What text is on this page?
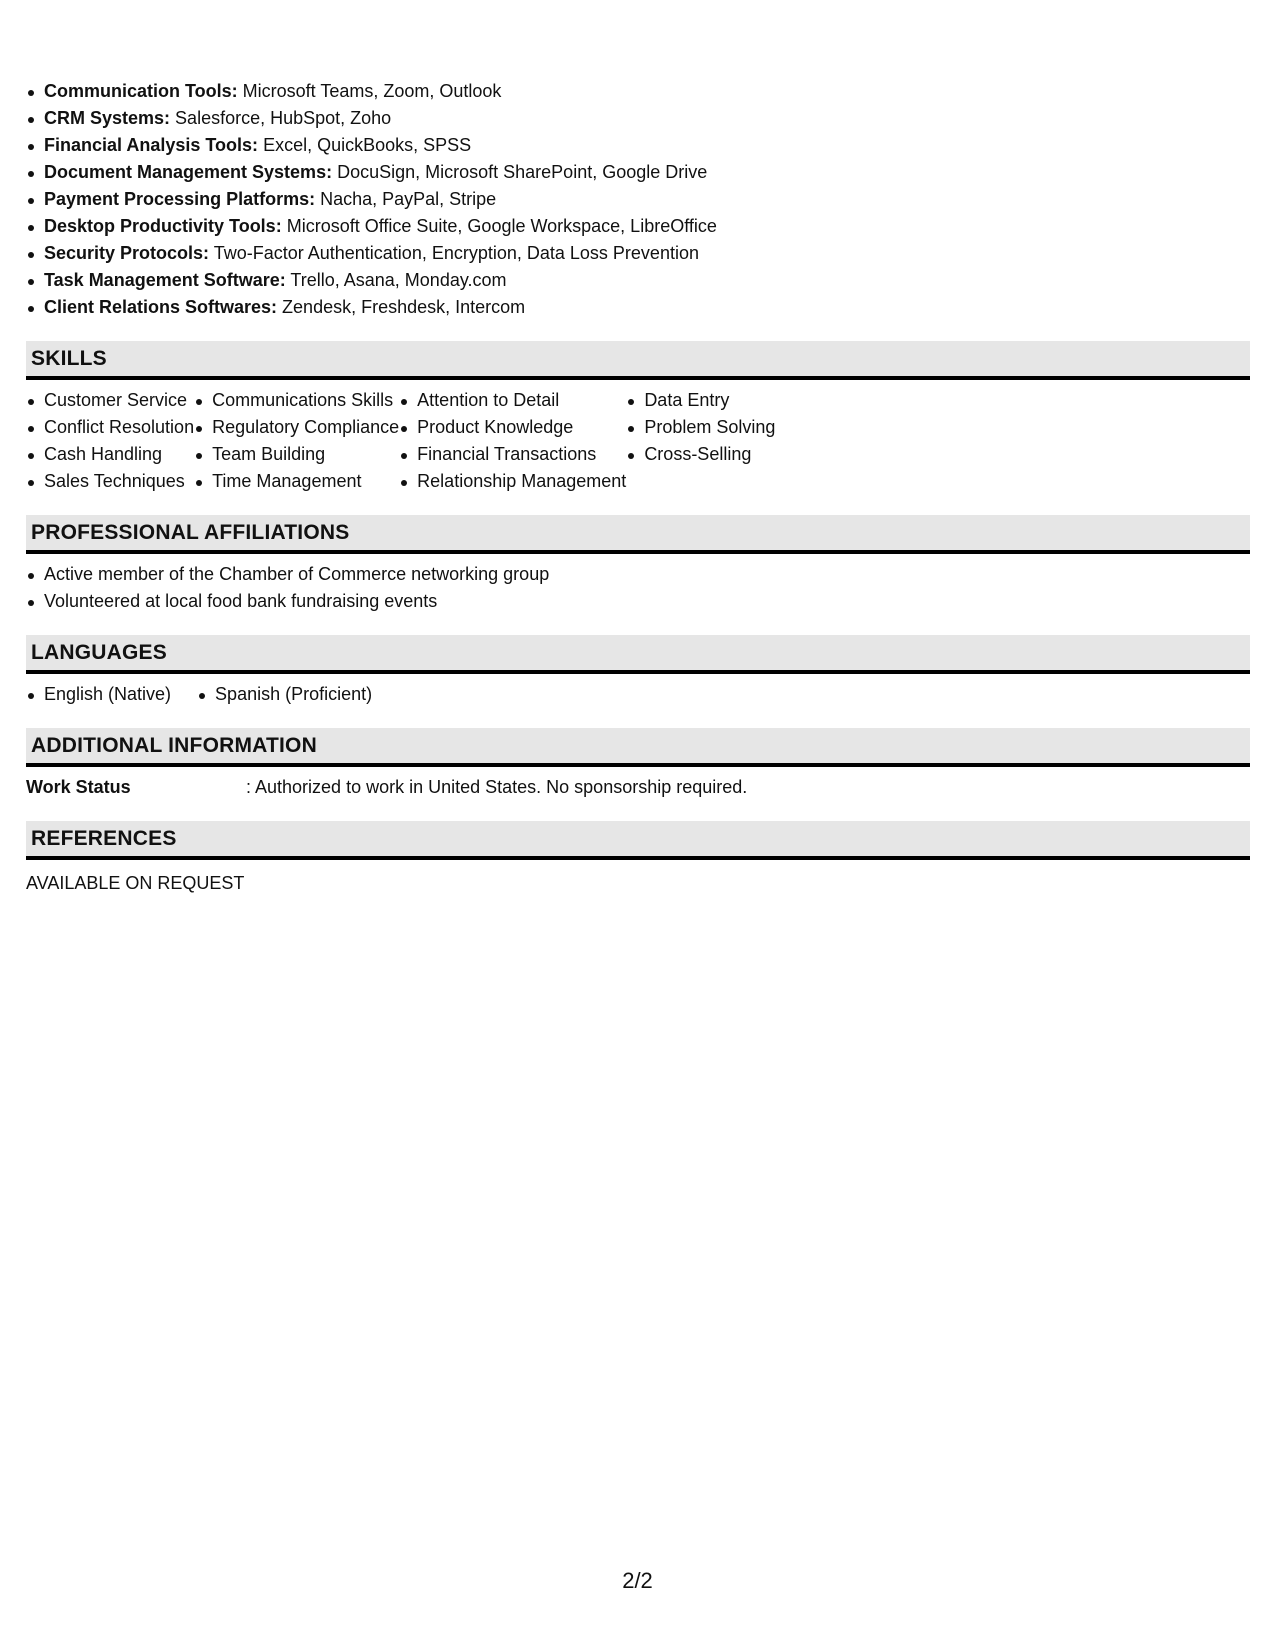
Communication Tools: Microsoft Teams, Zoom, Outlook
CRM Systems: Salesforce, HubSpot, Zoho
Financial Analysis Tools: Excel, QuickBooks, SPSS
Document Management Systems: DocuSign, Microsoft SharePoint, Google Drive
Payment Processing Platforms: Nacha, PayPal, Stripe
Desktop Productivity Tools: Microsoft Office Suite, Google Workspace, LibreOffice
Security Protocols: Two-Factor Authentication, Encryption, Data Loss Prevention
Task Management Software: Trello, Asana, Monday.com
Client Relations Softwares: Zendesk, Freshdesk, Intercom
SKILLS
Customer Service
Conflict Resolution
Cash Handling
Sales Techniques
Communications Skills
Regulatory Compliance
Team Building
Time Management
Attention to Detail
Product Knowledge
Financial Transactions
Relationship Management
Data Entry
Problem Solving
Cross-Selling
PROFESSIONAL AFFILIATIONS
Active member of the Chamber of Commerce networking group
Volunteered at local food bank fundraising events
LANGUAGES
English (Native)	Spanish (Proficient)
ADDITIONAL INFORMATION
Work Status	: Authorized to work in United States. No sponsorship required.
REFERENCES
AVAILABLE ON REQUEST
2/2
